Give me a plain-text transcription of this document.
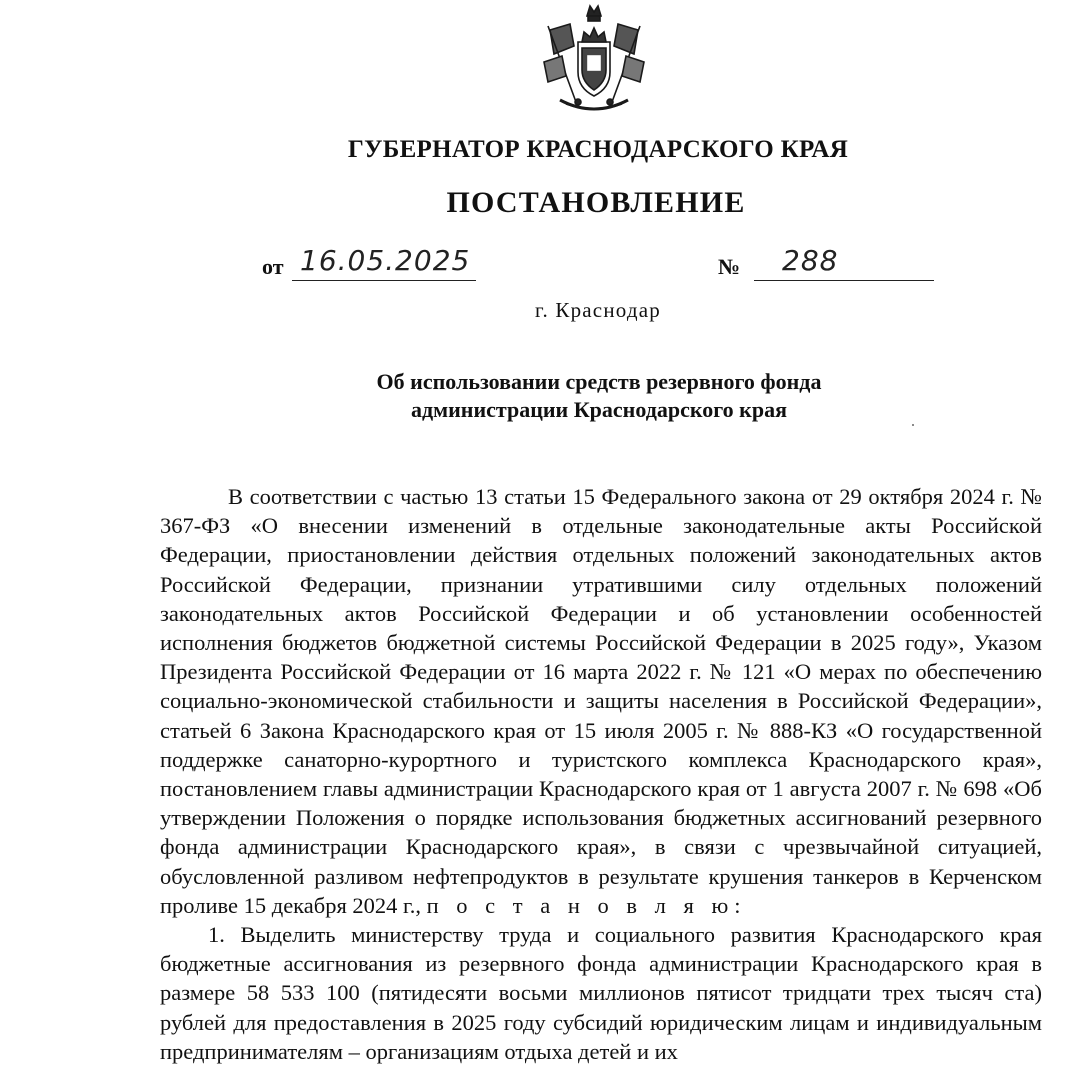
ГУБЕРНАТОР КРАСНОДАРСКОГО КРАЯ
ПОСТАНОВЛЕНИЕ
от 16.05.2025	№ 288
г. Краснодар
Об использовании средств резервного фонда
администрации Краснодарского края

В соответствии с частью 13 статьи 15 Федерального закона от 29 октября 2024 г. № 367-ФЗ «О внесении изменений в отдельные законодательные акты Российской Федерации, приостановлении действия отдельных положений законодательных актов Российской Федерации, признании утратившими силу отдельных положений законодательных актов Российской Федерации и об установлении особенностей исполнения бюджетов бюджетной системы Российской Федерации в 2025 году», Указом Президента Российской Федерации от 16 марта 2022 г. № 121 «О мерах по обеспечению социально-экономической стабильности и защиты населения в Российской Федерации», статьей 6 Закона Краснодарского края от 15 июля 2005 г. № 888-КЗ «О государственной поддержке санаторно-курортного и туристского комплекса Краснодарского края», постановлением главы администрации Краснодарского края от 1 августа 2007 г. № 698 «Об утверждении Положения о порядке использования бюджетных ассигнований резервного фонда администрации Краснодарского края», в связи с чрезвычайной ситуацией, обусловленной разливом нефтепродуктов в результате крушения танкеров в Керченском проливе 15 декабря 2024 г., п о с т а н о в л я ю:

1. Выделить министерству труда и социального развития Краснодарского края бюджетные ассигнования из резервного фонда администрации Краснодарского края в размере 58 533 100 (пятидесяти восьми миллионов пятисот тридцати трех тысяч ста) рублей для предоставления в 2025 году субсидий юридическим лицам и индивидуальным предпринимателям – организациям отдыха детей и их
